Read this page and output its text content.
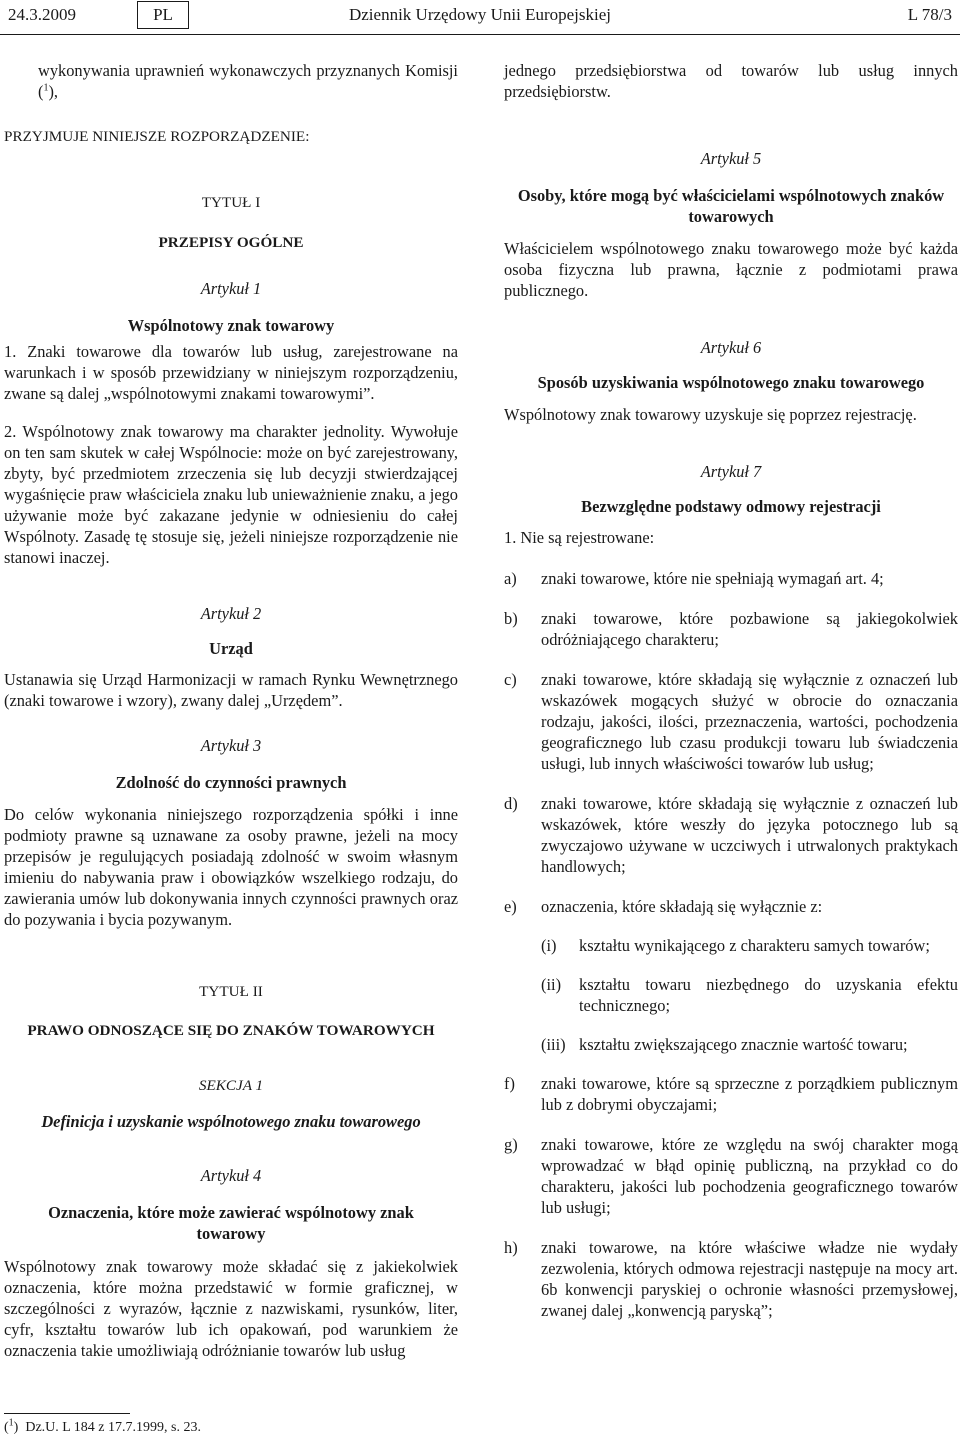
24.3.2009	PL	Dziennik Urzędowy Unii Europejskiej	L 78/3

wykonywania uprawnień wykonawczych przyznanych Komisji ($^1$),

PRZYJMUJE NINIEJSZE ROZPORZĄDZENIE:

TYTUŁ I

PRZEPISY OGÓLNE

Artykuł 1

Wspólnotowy znak towarowy

1. Znaki towarowe dla towarów lub usług, zarejestrowane na warunkach i w sposób przewidziany w niniejszym rozporządzeniu, zwane są dalej „wspólnotowymi znakami towarowymi”.

2. Wspólnotowy znak towarowy ma charakter jednolity. Wywołuje on ten sam skutek w całej Wspólnocie: może on być zarejestrowany, zbyty, być przedmiotem zrzeczenia się lub decyzji stwierdzającej wygaśnięcie praw właściciela znaku lub unieważnienie znaku, a jego używanie może być zakazane jedynie w odniesieniu do całej Wspólnoty. Zasadę tę stosuje się, jeżeli niniejsze rozporządzenie nie stanowi inaczej.

Artykuł 2

Urząd

Ustanawia się Urząd Harmonizacji w ramach Rynku Wewnętrznego (znaki towarowe i wzory), zwany dalej „Urzędem”.

Artykuł 3

Zdolność do czynności prawnych

Do celów wykonania niniejszego rozporządzenia spółki i inne podmioty prawne są uznawane za osoby prawne, jeżeli na mocy przepisów je regulujących posiadają zdolność w swoim własnym imieniu do nabywania praw i obowiązków wszelkiego rodzaju, do zawierania umów lub dokonywania innych czynności prawnych oraz do pozywania i bycia pozywanym.

TYTUŁ II

PRAWO ODNOSZĄCE SIĘ DO ZNAKÓW TOWAROWYCH

SEKCJA 1

Definicja i uzyskanie wspólnotowego znaku towarowego

Artykuł 4

Oznaczenia, które może zawierać wspólnotowy znak towarowy

Wspólnotowy znak towarowy może składać się z jakiekolwiek oznaczenia, które można przedstawić w formie graficznej, w szczególności z wyrazów, łącznie z nazwiskami, rysunków, liter, cyfr, kształtu towarów lub ich opakowań, pod warunkiem że oznaczenia takie umożliwiają odróżnianie towarów lub usług

($^1$)  Dz.U. L 184 z 17.7.1999, s. 23.

jednego przedsiębiorstwa od towarów lub usług innych przedsiębiorstw.

Artykuł 5

Osoby, które mogą być właścicielami wspólnotowych znaków towarowych

Właścicielem wspólnotowego znaku towarowego może być każda osoba fizyczna lub prawna, łącznie z podmiotami prawa publicznego.

Artykuł 6

Sposób uzyskiwania wspólnotowego znaku towarowego

Wspólnotowy znak towarowy uzyskuje się poprzez rejestrację.

Artykuł 7

Bezwzględne podstawy odmowy rejestracji

1. Nie są rejestrowane:

a) znaki towarowe, które nie spełniają wymagań art. 4;
b) znaki towarowe, które pozbawione są jakiegokolwiek odróżniającego charakteru;
c) znaki towarowe, które składają się wyłącznie z oznaczeń lub wskazówek mogących służyć w obrocie do oznaczania rodzaju, jakości, ilości, przeznaczenia, wartości, pochodzenia geograficznego lub czasu produkcji towaru lub świadczenia usługi, lub innych właściwości towarów lub usług;
d) znaki towarowe, które składają się wyłącznie z oznaczeń lub wskazówek, które weszły do języka potocznego lub są zwyczajowo używane w uczciwych i utrwalonych praktykach handlowych;
e) oznaczenia, które składają się wyłącznie z:
(i) kształtu wynikającego z charakteru samych towarów;
(ii) kształtu towaru niezbędnego do uzyskania efektu technicznego;
(iii) kształtu zwiększającego znacznie wartość towaru;
f) znaki towarowe, które są sprzeczne z porządkiem publicznym lub z dobrymi obyczajami;
g) znaki towarowe, które ze względu na swój charakter mogą wprowadzać w błąd opinię publiczną, na przykład co do charakteru, jakości lub pochodzenia geograficznego towarów lub usługi;
h) znaki towarowe, na które właściwe władze nie wydały zezwolenia, których odmowa rejestracji następuje na mocy art. 6b konwencji paryskiej o ochronie własności przemysłowej, zwanej dalej „konwencją paryską”;
